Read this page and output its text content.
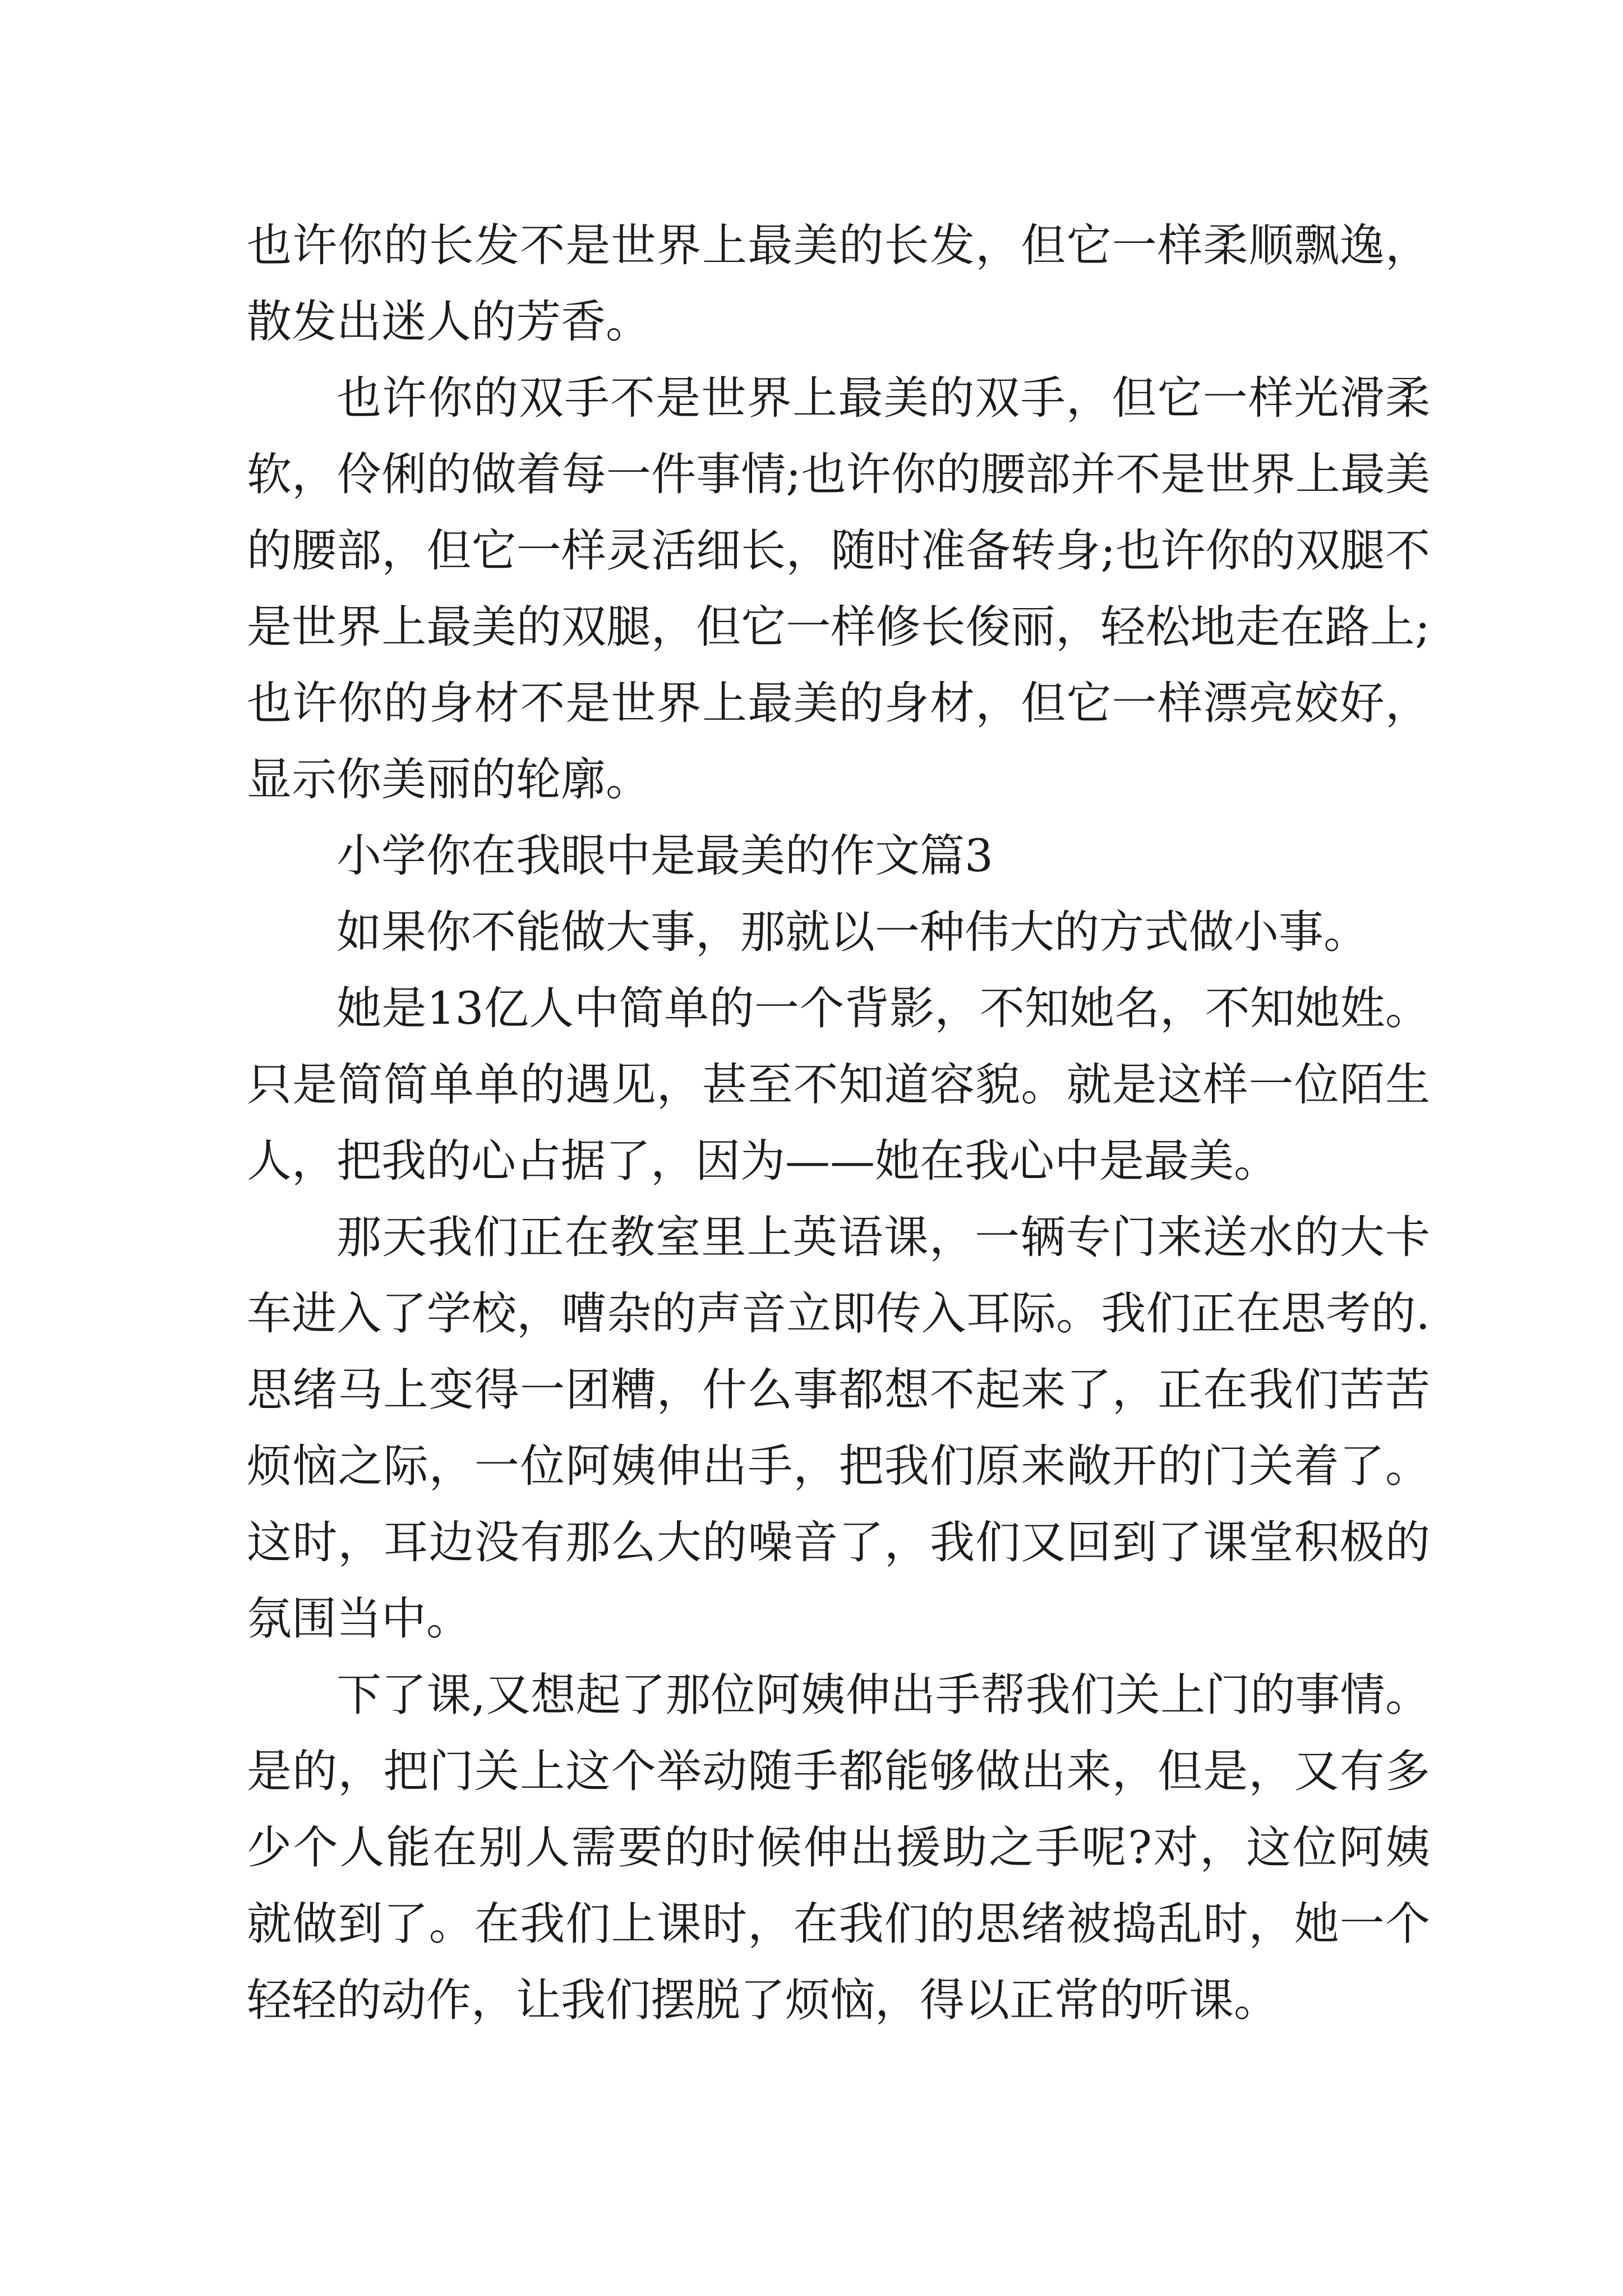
也许你的长发不是世界上最美的长发，但它一样柔顺飘逸，散发出迷人的芳香。

也许你的双手不是世界上最美的双手，但它一样光滑柔软，伶俐的做着每一件事情;也许你的腰部并不是世界上最美的腰部，但它一样灵活细长，随时准备转身;也许你的双腿不是世界上最美的双腿，但它一样修长俊丽，轻松地走在路上;也许你的身材不是世界上最美的身材，但它一样漂亮姣好，显示你美丽的轮廓。

小学你在我眼中是最美的作文篇3

如果你不能做大事，那就以一种伟大的方式做小事。

她是13亿人中简单的一个背影，不知她名，不知她姓。只是简简单单的遇见，甚至不知道容貌。就是这样一位陌生人，把我的心占据了，因为——她在我心中是最美。

那天我们正在教室里上英语课，一辆专门来送水的大卡车进入了学校，嘈杂的声音立即传入耳际。我们正在思考的.思绪马上变得一团糟，什么事都想不起来了，正在我们苦苦烦恼之际，一位阿姨伸出手，把我们原来敞开的门关着了。这时，耳边没有那么大的噪音了，我们又回到了课堂积极的氛围当中。

下了课,又想起了那位阿姨伸出手帮我们关上门的事情。是的，把门关上这个举动随手都能够做出来，但是，又有多少个人能在别人需要的时候伸出援助之手呢?对，这位阿姨就做到了。在我们上课时，在我们的思绪被捣乱时，她一个轻轻的动作，让我们摆脱了烦恼，得以正常的听课。
